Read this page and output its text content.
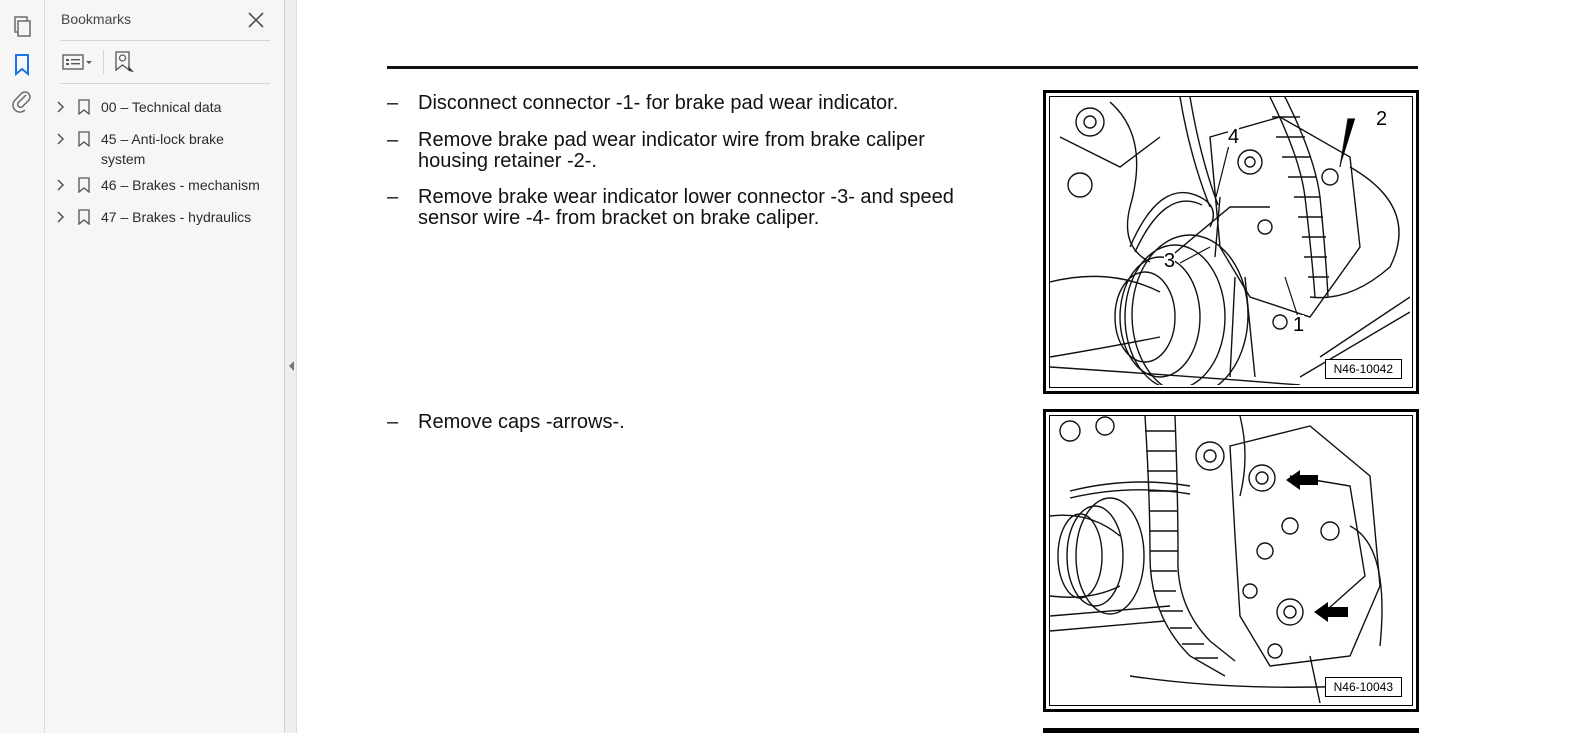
Bookmarks
00 – Technical data
45 – Anti-lock brake system
46 – Brakes - mechanism
47 – Brakes - hydraulics
– Disconnect connector -1- for brake pad wear indicator.
– Remove brake pad wear indicator wire from brake caliper housing retainer -2-.
– Remove brake wear indicator lower connector -3- and speed sensor wire -4- from bracket on brake caliper.
– Remove caps -arrows-.
2
4
3
1
N46-10042
N46-10043
